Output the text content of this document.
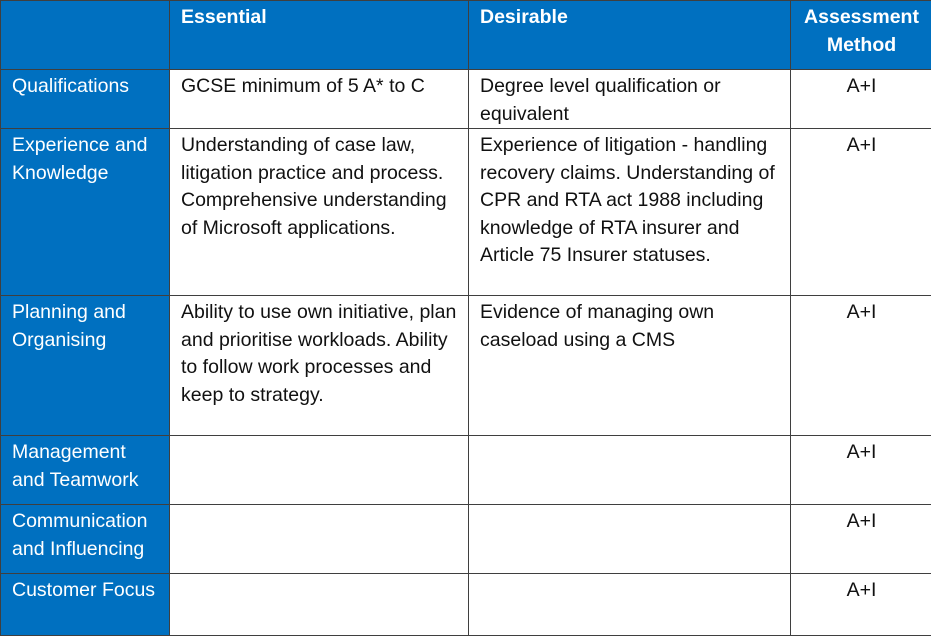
	Essential	Desirable	Assessment Method
Qualifications	GCSE minimum of 5 A* to C	Degree level qualification or equivalent	A+I
Experience and Knowledge	Understanding of case law, litigation practice and process. Comprehensive understanding of Microsoft applications.	Experience of litigation - handling recovery claims. Understanding of CPR and RTA act 1988 including knowledge of RTA insurer and Article 75 Insurer statuses.	A+I
Planning and Organising	Ability to use own initiative, plan and prioritise workloads. Ability to follow work processes and keep to strategy.	Evidence of managing own caseload using a CMS	A+I
Management and Teamwork			A+I
Communication and Influencing			A+I
Customer Focus			A+I
